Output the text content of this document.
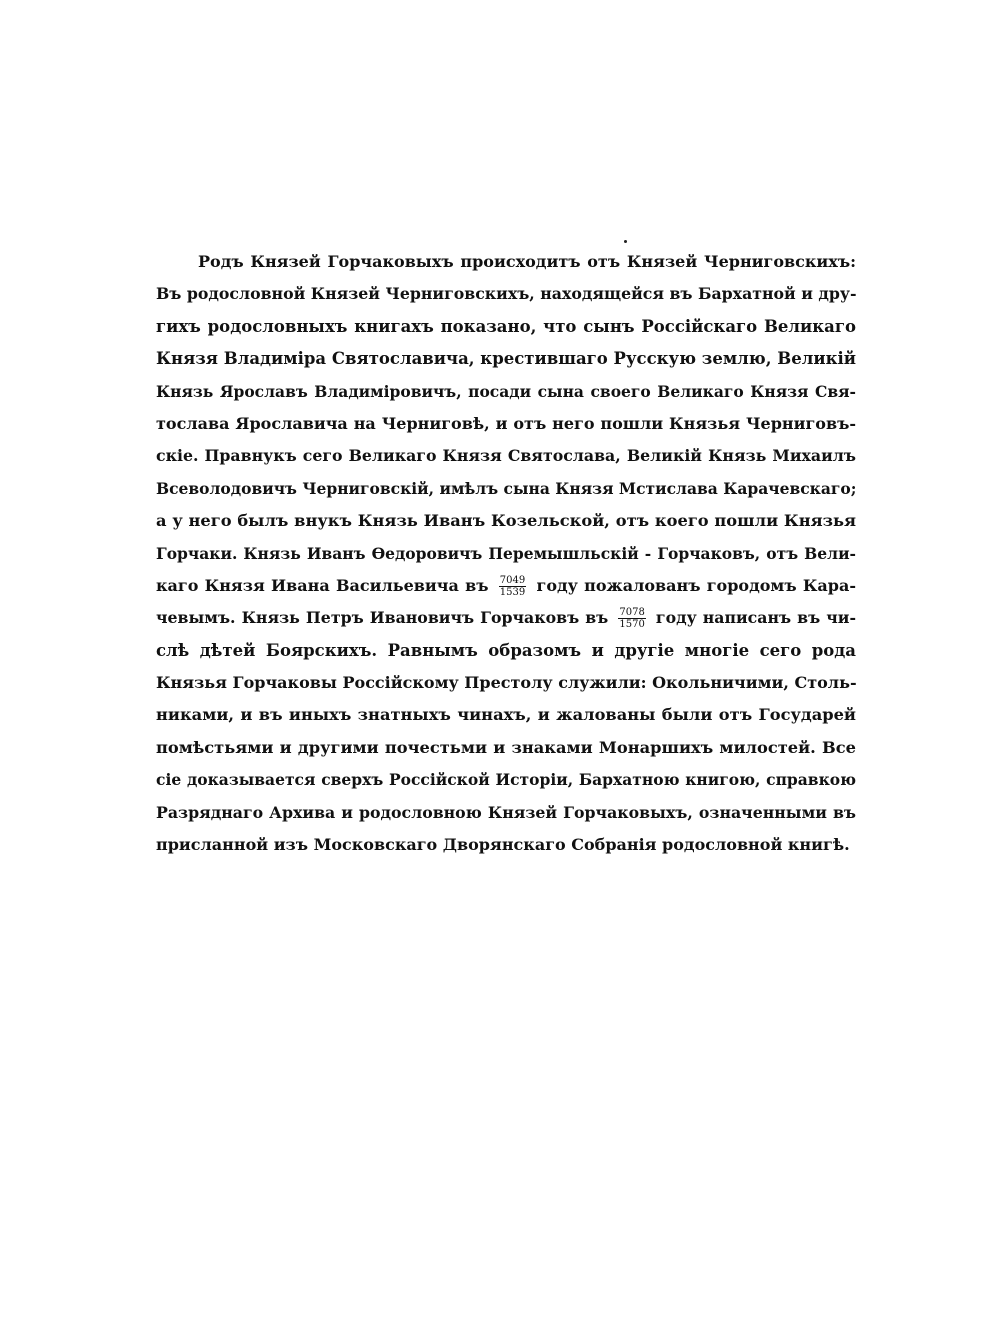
Родъ Князей Горчаковыхъ происходитъ отъ Князей Черниговскихъ:
Въ родословной Князей Черниговскихъ, находящейся въ Бархатной и дру-
гихъ родословныхъ книгахъ показано, что сынъ Россійскаго Великаго
Князя Владиміра Святославича, крестившаго Русскую землю, Великій
Князь Ярославъ Владиміровичъ, посади сына своего Великаго Князя Свя-
тослава Ярославича на Черниговѣ, и отъ него пошли Князья Черниговъ-
скіе. Правнукъ сего Великаго Князя Святослава, Великій Князь Михаилъ
Всеволодовичъ Черниговскій, имѣлъ сына Князя Мстислава Карачевскаго;
а у него былъ внукъ Князь Иванъ Козельской, отъ коего пошли Князья
Горчаки. Князь Иванъ Ѳедоровичъ Перемышльскій - Горчаковъ, отъ Вели-
каго Князя Ивана Васильевича въ $\frac{7049}{1539}$ году пожалованъ городомъ Кара-
чевымъ. Князь Петръ Ивановичъ Горчаковъ въ $\frac{7078}{1570}$ году написанъ въ чи-
слѣ дѣтей Боярскихъ. Равнымъ образомъ и другіе многіе сего рода
Князья Горчаковы Россійскому Престолу служили: Окольничими, Столь-
никами, и въ иныхъ знатныхъ чинахъ, и жалованы были отъ Государей
помѣстьями и другими почестьми и знаками Монаршихъ милостей. Все
сіе доказывается сверхъ Россійской Исторіи, Бархатною книгою, справкою
Разряднаго Архива и родословною Князей Горчаковыхъ, означенными въ
присланной изъ Московскаго Дворянскаго Собранія родословной книгѣ.
